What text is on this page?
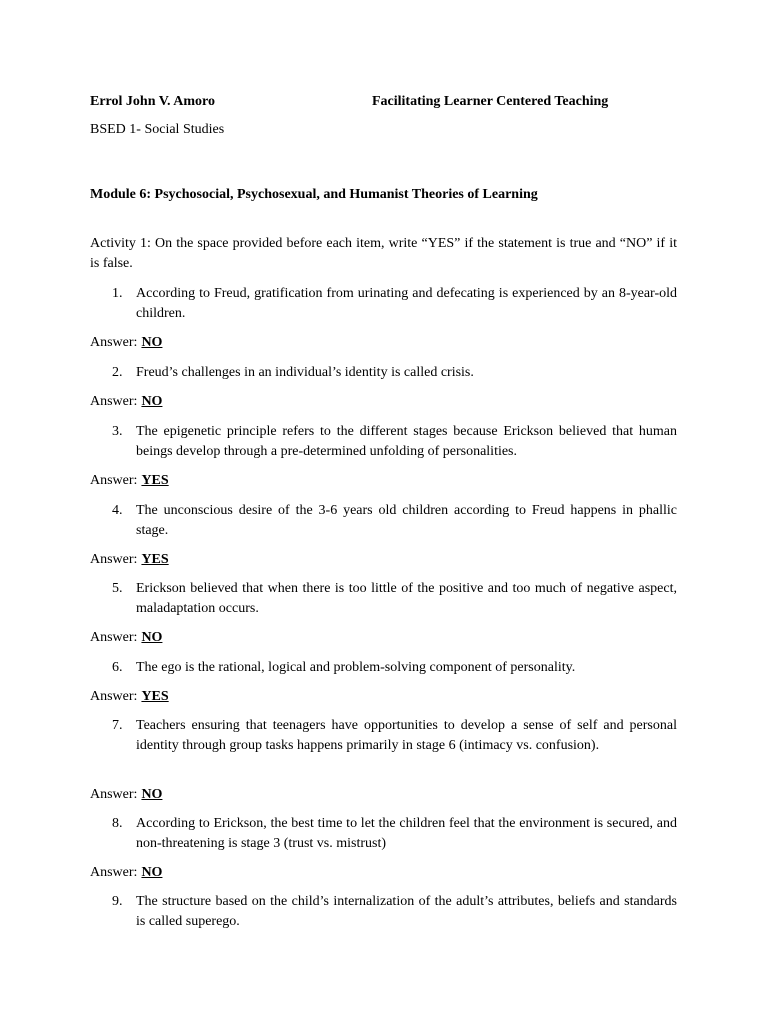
Errol John V. Amoro	Facilitating Learner Centered Teaching
BSED 1- Social Studies
Module 6: Psychosocial, Psychosexual, and Humanist Theories of Learning
Activity 1: On the space provided before each item, write “YES” if the statement is true and “NO” if it is false.
1. According to Freud, gratification from urinating and defecating is experienced by an 8-year-old children.
Answer: NO
2. Freud’s challenges in an individual’s identity is called crisis.
Answer: NO
3. The epigenetic principle refers to the different stages because Erickson believed that human beings develop through a pre-determined unfolding of personalities.
Answer: YES
4. The unconscious desire of the 3-6 years old children according to Freud happens in phallic stage.
Answer: YES
5. Erickson believed that when there is too little of the positive and too much of negative aspect, maladaptation occurs.
Answer: NO
6. The ego is the rational, logical and problem-solving component of personality.
Answer: YES
7. Teachers ensuring that teenagers have opportunities to develop a sense of self and personal identity through group tasks happens primarily in stage 6 (intimacy vs. confusion).
Answer: NO
8. According to Erickson, the best time to let the children feel that the environment is secured, and non-threatening is stage 3 (trust vs. mistrust)
Answer: NO
9. The structure based on the child’s internalization of the adult’s attributes, beliefs and standards is called superego.
